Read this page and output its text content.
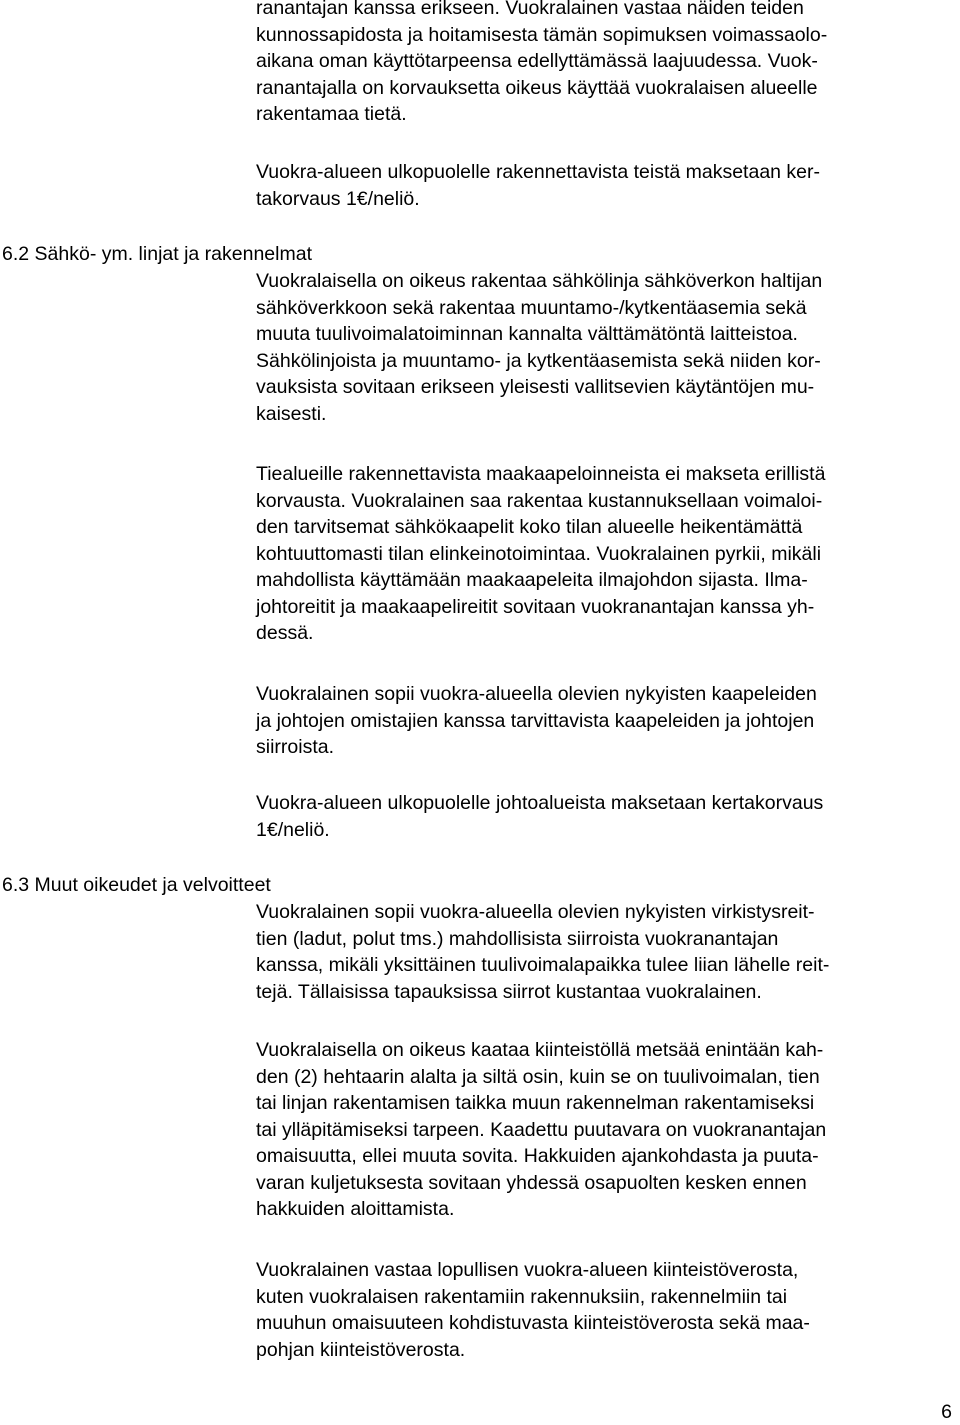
ranantajan kanssa erikseen. Vuokralainen vastaa näiden teiden
kunnossapidosta ja hoitamisesta tämän sopimuksen voimassaolo-
aikana oman käyttötarpeensa edellyttämässä laajuudessa. Vuok-
ranantajalla on korvauksetta oikeus käyttää vuokralaisen alueelle
rakentamaa tietä.

Vuokra-alueen ulkopuolelle rakennettavista teistä maksetaan ker-
takorvaus 1€/neliö.

6.2 Sähkö- ym. linjat ja rakennelmat

Vuokralaisella on oikeus rakentaa sähkölinja sähköverkon haltijan
sähköverkkoon sekä rakentaa muuntamo-/kytkentäasemia sekä
muuta tuulivoimalatoiminnan kannalta välttämätöntä laitteistoa.
Sähkölinjoista ja muuntamo- ja kytkentäasemista sekä niiden kor-
vauksista sovitaan erikseen yleisesti vallitsevien käytäntöjen mu-
kaisesti.

Tiealueille rakennettavista maakaapeloinneista ei makseta erillistä
korvausta. Vuokralainen saa rakentaa kustannuksellaan voimaloi-
den tarvitsemat sähkökaapelit koko tilan alueelle heikentämättä
kohtuuttomasti tilan elinkeinotoimintaa. Vuokralainen pyrkii, mikäli
mahdollista käyttämään maakaapeleita ilmajohdon sijasta. Ilma-
johtoreitit ja maakaapelireitit sovitaan vuokranantajan kanssa yh-
dessä.

Vuokralainen sopii vuokra-alueella olevien nykyisten kaapeleiden
ja johtojen omistajien kanssa tarvittavista kaapeleiden ja johtojen
siirroista.

Vuokra-alueen ulkopuolelle johtoalueista maksetaan kertakorvaus
1€/neliö.

6.3 Muut oikeudet ja velvoitteet

Vuokralainen sopii vuokra-alueella olevien nykyisten virkistysreit-
tien (ladut, polut tms.) mahdollisista siirroista vuokranantajan
kanssa, mikäli yksittäinen tuulivoimalapaikka tulee liian lähelle reit-
tejä. Tällaisissa tapauksissa siirrot kustantaa vuokralainen.

Vuokralaisella on oikeus kaataa kiinteistöllä metsää enintään kah-
den (2) hehtaarin alalta ja siltä osin, kuin se on tuulivoimalan, tien
tai linjan rakentamisen taikka muun rakennelman rakentamiseksi
tai ylläpitämiseksi tarpeen. Kaadettu puutavara on vuokranantajan
omaisuutta, ellei muuta sovita. Hakkuiden ajankohdasta ja puuta-
varan kuljetuksesta sovitaan yhdessä osapuolten kesken ennen
hakkuiden aloittamista.

Vuokralainen vastaa lopullisen vuokra-alueen kiinteistöverosta,
kuten vuokralaisen rakentamiin rakennuksiin, rakennelmiin tai
muuhun omaisuuteen kohdistuvasta kiinteistöverosta sekä maa-
pohjan kiinteistöverosta.

6
